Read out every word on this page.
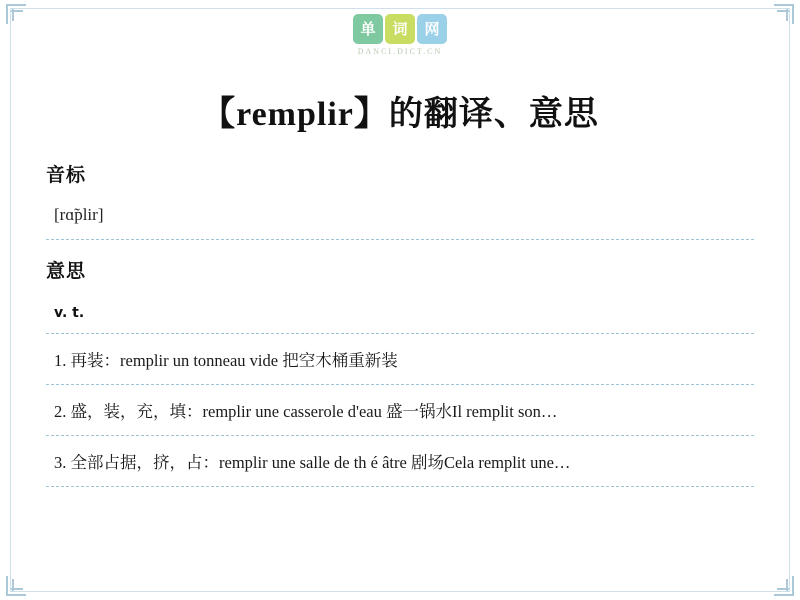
单	词	网
DANCI.DICT.CN
【remplir】的翻译、意思
音标
[rɑ̃plir]
意思
v. t.
1. 再装：remplir un tonneau vide 把空木桶重新装
2. 盛，装，充，填：remplir une casserole d'eau 盛一锅水Il remplit son…
3. 全部占据，挤，占：remplir une salle de th é âtre 剧场Cela remplit une…
